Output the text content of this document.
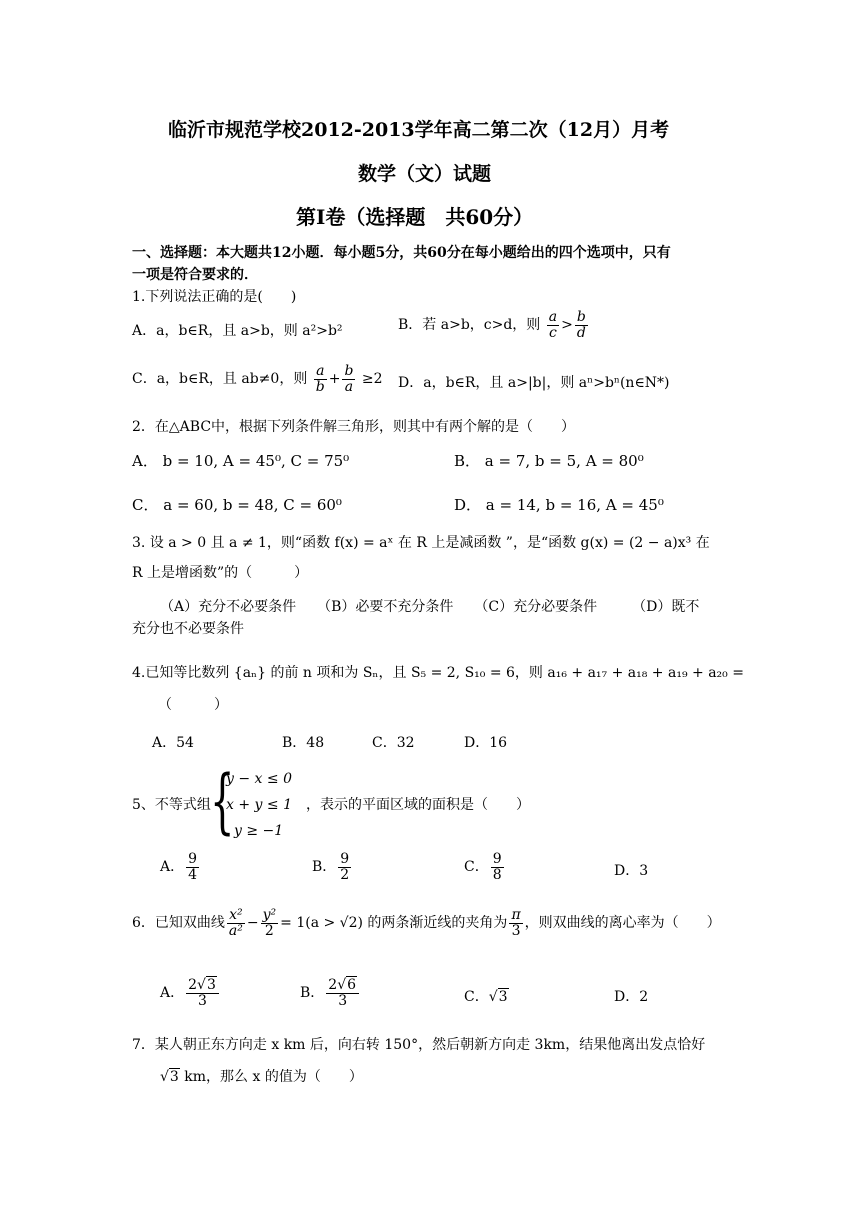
临沂市规范学校2012-2013学年高二第二次（12月）月考
数学（文）试题
第Ⅰ卷（选择题　共60分）
一、选择题：本大题共12小题．每小题5分，共60分在每小题给出的四个选项中，只有
一项是符合要求的．
1.下列说法正确的是(　　)
A．a，b∈R，且 a>b，则 a²>b²	B．若 a>b，c>d，则 $\frac{a}{c} > \frac{b}{d}$
C．a，b∈R，且 ab≠0，则 $\frac{a}{b} + \frac{b}{a} \ge 2$ D．a，b∈R，且 a>|b|，则 aⁿ>bⁿ(n∈N*)
2．在△ABC中，根据下列条件解三角形，则其中有两个解的是（　　）
A． b = 10, A = 45⁰, C = 75⁰	B． a = 7, b = 5, A = 80⁰
C． a = 60, b = 48, C = 60⁰	D． a = 14, b = 16, A = 45⁰
3. 设 a > 0 且 a ≠ 1，则“函数 f(x) = aˣ 在 R 上是减函数 ”，是“函数 g(x) = (2 − a)x³ 在
R 上是增函数”的（　　　）
（A）充分不必要条件　　（B）必要不充分条件　　（C）充分必要条件　　　（D）既不
充分也不必要条件
4.已知等比数列 {aₙ} 的前 n 项和为 Sₙ，且 S₅ = 2, S₁₀ = 6，则 a₁₆ + a₁₇ + a₁₈ + a₁₉ + a₂₀ =
（　　　）
A．54	B．48	C．32	D．16
5、不等式组 {
y − x ≤ 0
x + y ≤ 1
y ≥ −1
，表示的平面区域的面积是（　　）
A． $\frac{9}{4}$	B． $\frac{9}{2}$	C． $\frac{9}{8}$	D．3
6．已知双曲线 $\frac{\text{x²}}{\text{a²}} - \frac{\text{y²}}{2} = 1(a > √2)$ 的两条渐近线的夹角为 $\frac{\pi}{3}$ ，则双曲线的离心率为（　　）
A． $\frac{2√3}{3}$	B． $\frac{2√6}{3}$	C．√3	D．2
7．某人朝正东方向走 x km 后，向右转 150°，然后朝新方向走 3km，结果他离出发点恰好
√3 km，那么 x 的值为（　　）
